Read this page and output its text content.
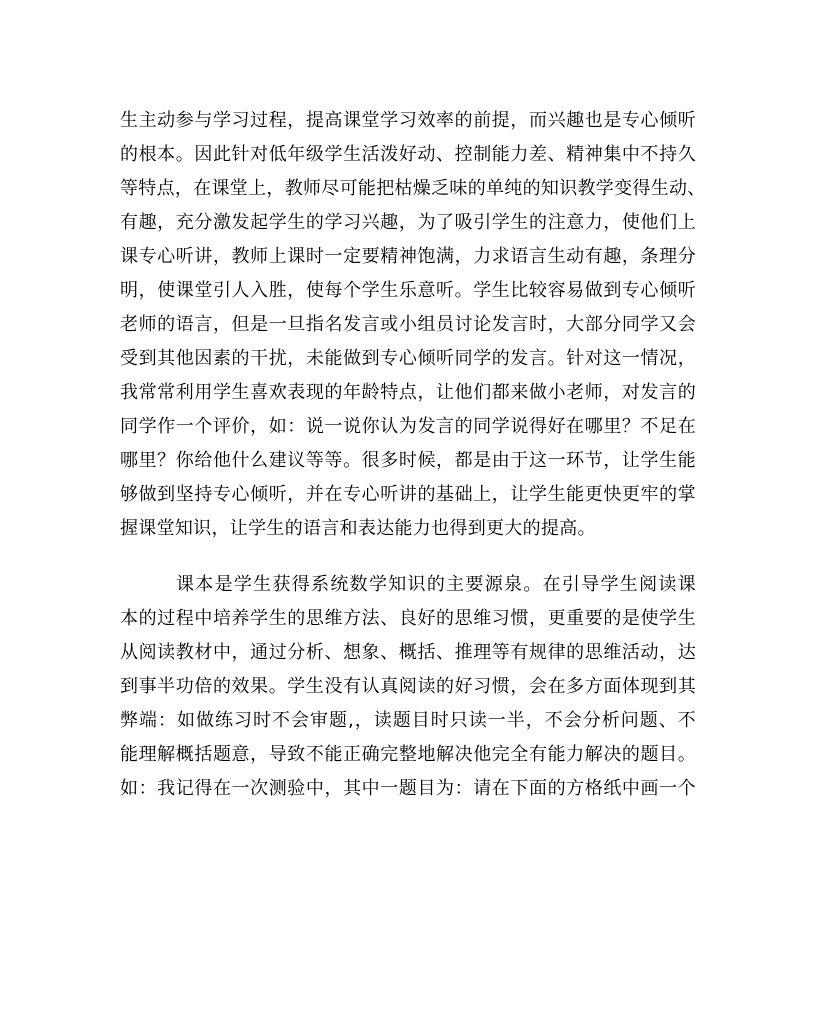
生主动参与学习过程，提高课堂学习效率的前提，而兴趣也是专心倾听
的根本。因此针对低年级学生活泼好动、控制能力差、精神集中不持久
等特点，在课堂上，教师尽可能把枯燥乏味的单纯的知识教学变得生动、
有趣，充分激发起学生的学习兴趣，为了吸引学生的注意力，使他们上
课专心听讲，教师上课时一定要精神饱满，力求语言生动有趣，条理分
明，使课堂引人入胜，使每个学生乐意听。学生比较容易做到专心倾听
老师的语言，但是一旦指名发言或小组员讨论发言时，大部分同学又会
受到其他因素的干扰，未能做到专心倾听同学的发言。针对这一情况，
我常常利用学生喜欢表现的年龄特点，让他们都来做小老师，对发言的
同学作一个评价，如：说一说你认为发言的同学说得好在哪里？不足在
哪里？你给他什么建议等等。很多时候，都是由于这一环节，让学生能
够做到坚持专心倾听，并在专心听讲的基础上，让学生能更快更牢的掌
握课堂知识，让学生的语言和表达能力也得到更大的提高。
课本是学生获得系统数学知识的主要源泉。在引导学生阅读课
本的过程中培养学生的思维方法、良好的思维习惯，更重要的是使学生
从阅读教材中，通过分析、想象、概括、推理等有规律的思维活动，达
到事半功倍的效果。学生没有认真阅读的好习惯，会在多方面体现到其
弊端：如做练习时不会审题,，读题目时只读一半，不会分析问题、不
能理解概括题意，导致不能正确完整地解决他完全有能力解决的题目。
如：我记得在一次测验中，其中一题目为：请在下面的方格纸中画一个
